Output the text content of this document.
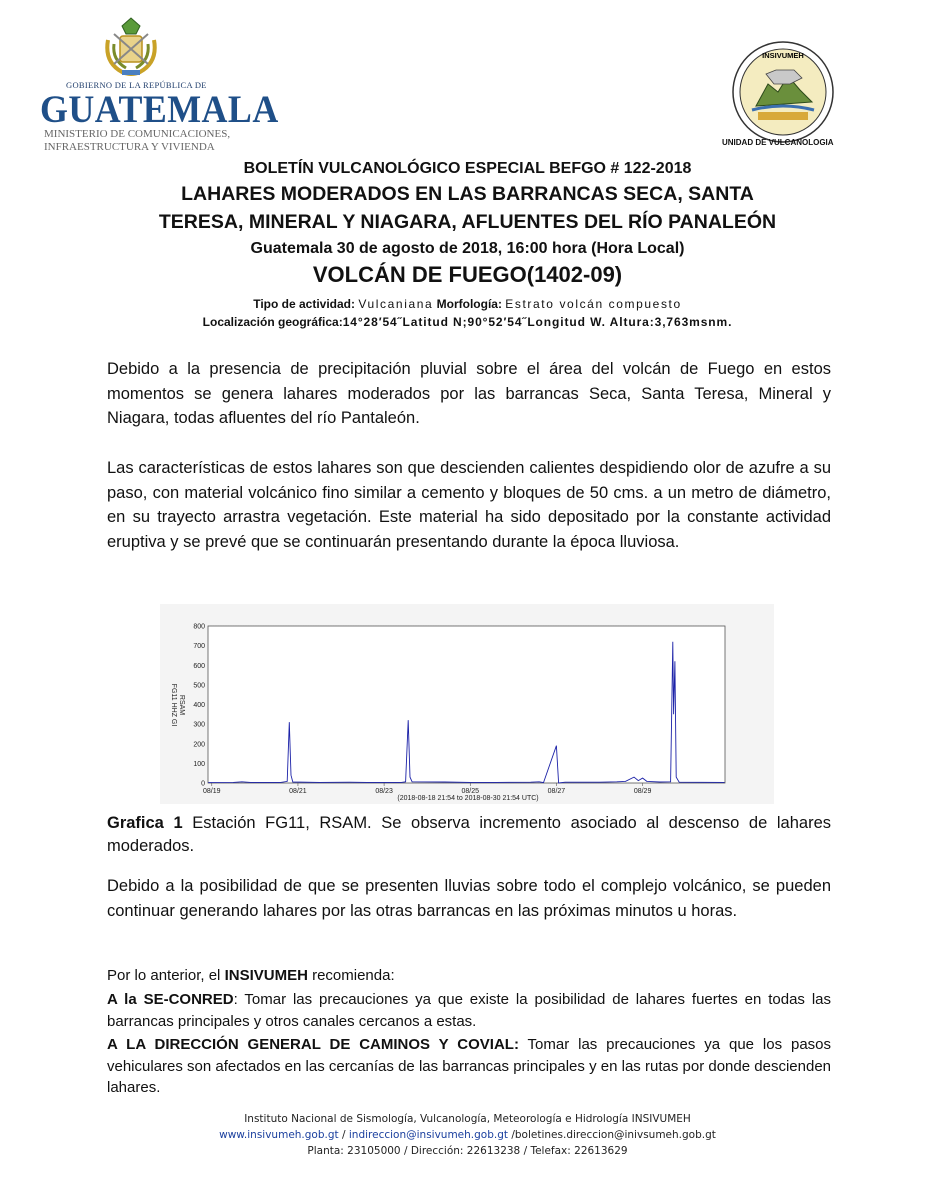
GOBIERNO DE LA REPÚBLICA DE
GUATEMALA
MINISTERIO DE COMUNICACIONES,
INFRAESTRUCTURA Y VIVIENDA
INSIVUMEH
UNIDAD DE VULCANOLOGIA
BOLETÍN VULCANOLÓGICO ESPECIAL BEFGO # 122-2018
LAHARES MODERADOS EN LAS BARRANCAS SECA, SANTA
TERESA, MINERAL Y NIAGARA, AFLUENTES DEL RÍO PANALEÓN
Guatemala 30 de agosto de 2018, 16:00 hora (Hora Local)
VOLCÁN DE FUEGO(1402-09)
Tipo de actividad: Vulcaniana Morfología: Estrato volcán compuesto
Localización geográfica:14°28′54˝Latitud N;90°52′54˝Longitud W. Altura:3,763msnm.

Debido a la presencia de precipitación pluvial sobre el área del volcán de Fuego en estos momentos se genera lahares moderados por las barrancas Seca, Santa Teresa, Mineral y Niagara, todas afluentes del río Pantaleón.

Las características de estos lahares son que descienden calientes despidiendo olor de azufre a su paso, con material volcánico fino similar a cemento y bloques de 50 cms. a un metro de diámetro, en su trayecto arrastra vegetación. Este material ha sido depositado por la constante actividad eruptiva y se prevé que se continuarán presentando durante la época lluviosa.

0
100
200
300
400
500
600
700
800
08/19	08/21	08/23	08/25	08/27	08/29
FG11 HHZ GI RSAM
(2018-08-18 21:54 to 2018-08-30 21:54 UTC)

Grafica 1 Estación FG11, RSAM. Se observa incremento asociado al descenso de lahares moderados.

Debido a la posibilidad de que se presenten lluvias sobre todo el complejo volcánico, se pueden continuar generando lahares por las otras barrancas en las próximas minutos u horas.

Por lo anterior, el INSIVUMEH recomienda:

A la SE-CONRED: Tomar las precauciones ya que existe la posibilidad de lahares fuertes en todas las barrancas principales y otros canales cercanos a estas.

A LA DIRECCIÓN GENERAL DE CAMINOS Y COVIAL: Tomar las precauciones ya que los pasos vehiculares son afectados en las cercanías de las barrancas principales y en las rutas por donde descienden lahares.

Instituto Nacional de Sismología, Vulcanología, Meteorología e Hidrología INSIVUMEH
www.insivumeh.gob.gt / indireccion@insivumeh.gob.gt /boletines.direccion@inivsumeh.gob.gt
Planta: 23105000 / Dirección: 22613238 / Telefax: 22613629
